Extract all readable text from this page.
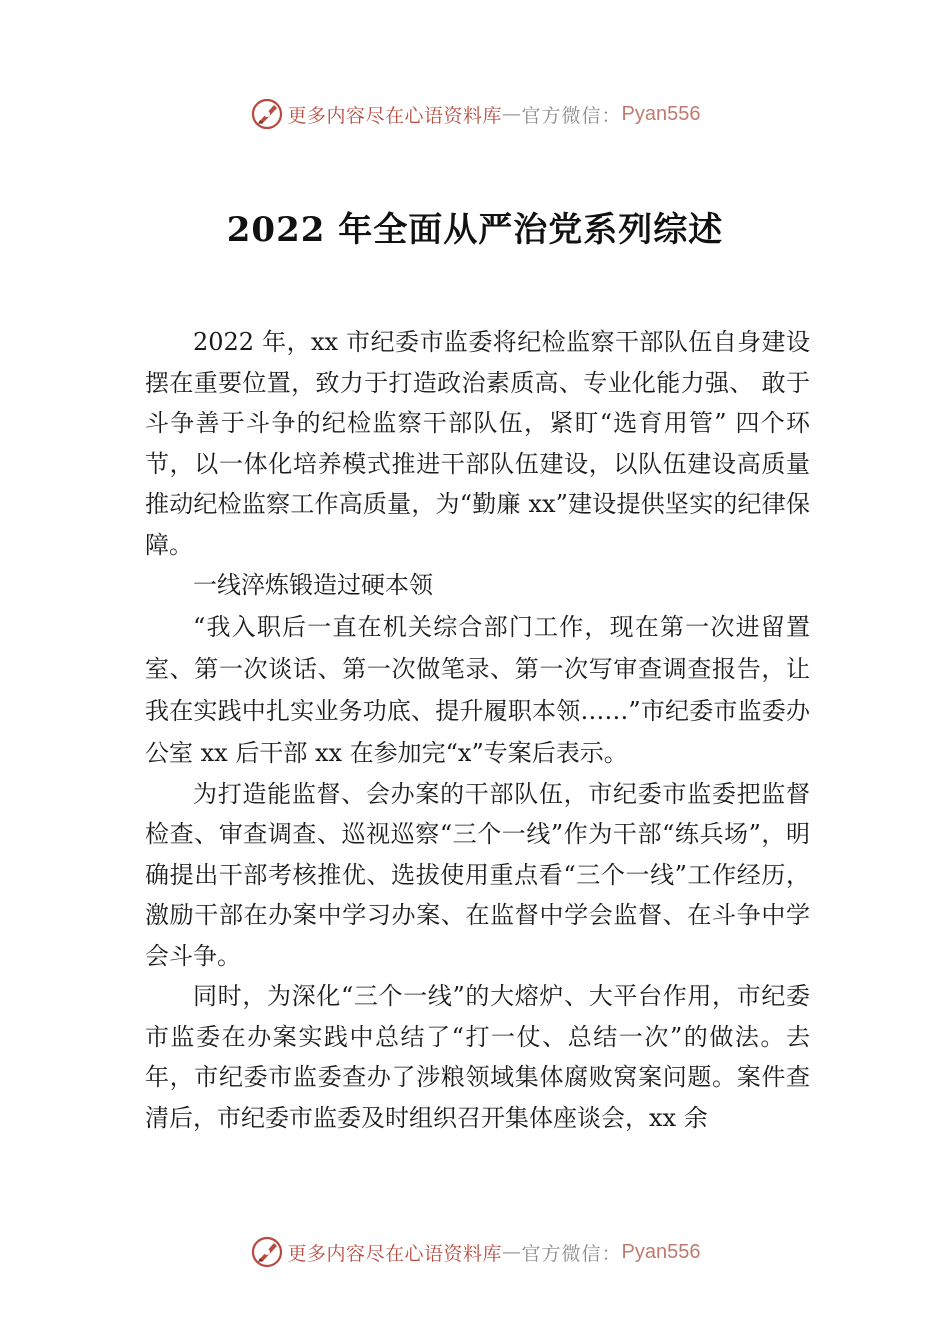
更多内容尽在心语资料库 — 官方微信： Pyan556
2022 年全面从严治党系列综述

2022 年，xx 市纪委市监委将纪检监察干部队伍自身建设摆在重要位置，致力于打造政治素质高、专业化能力强、 敢于斗争善于斗争的纪检监察干部队伍，紧盯“选育用管” 四个环节，以一体化培养模式推进干部队伍建设，以队伍建设高质量推动纪检监察工作高质量，为“勤廉 xx”建设提供坚实的纪律保障。

一线淬炼锻造过硬本领

“我入职后一直在机关综合部门工作，现在第一次进留置室、第一次谈话、第一次做笔录、第一次写审查调查报告，让我在实践中扎实业务功底、提升履职本领……”市纪委市监委办公室 xx 后干部 xx 在参加完“x”专案后表示。

为打造能监督、会办案的干部队伍，市纪委市监委把监督检查、审查调查、巡视巡察“三个一线”作为干部“练兵场”，明确提出干部考核推优、选拔使用重点看“三个一线”工作经历，激励干部在办案中学习办案、在监督中学会监督、在斗争中学会斗争。

同时，为深化“三个一线”的大熔炉、大平台作用，市纪委市监委在办案实践中总结了“打一仗、总结一次”的做法。去年，市纪委市监委查办了涉粮领域集体腐败窝案问题。案件查清后，市纪委市监委及时组织召开集体座谈会，xx 余

更多内容尽在心语资料库 — 官方微信： Pyan556
